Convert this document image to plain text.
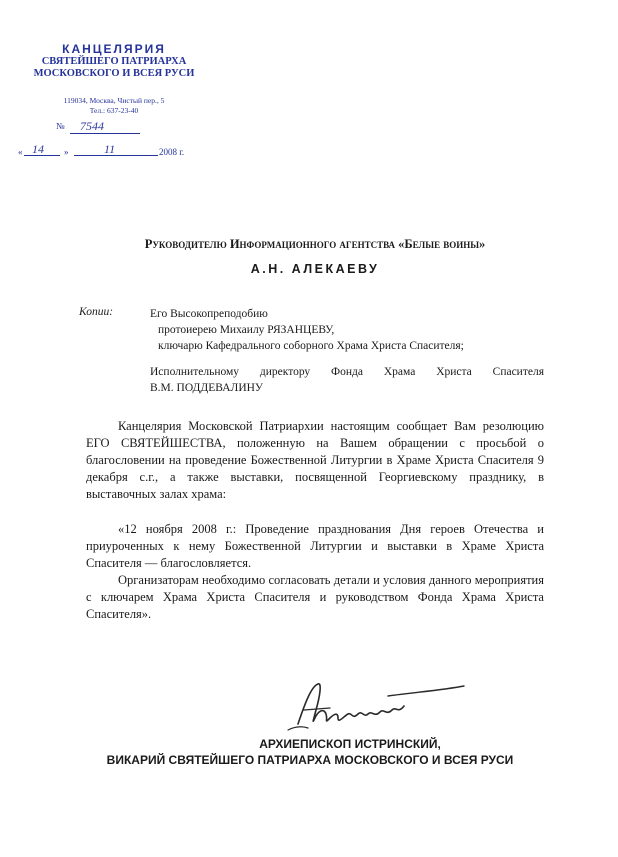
КАНЦЕЛЯРИЯ
СВЯТЕЙШЕГО ПАТРИАРХА
МОСКОВСКОГО И ВСЕЯ РУСИ
119034, Москва, Чистый пер., 5
Тел.: 637-23-40
№ 7544
« 14 »	11	2008 г.
Руководителю Информационного агентства «Белые воины»
А.Н. АЛЕКАЕВУ
Копии:	Его Высокопреподобию
протоиерею Михаилу РЯЗАНЦЕВУ,
ключарю Кафедрального соборного Храма Христа Спасителя;
Исполнительному директору Фонда Храма Христа Спасителя
В.М. ПОДДЕВАЛИНУ

Канцелярия Московской Патриархии настоящим сообщает Вам резолюцию ЕГО СВЯТЕЙШЕСТВА, положенную на Вашем обращении с просьбой о благословении на проведение Божественной Литургии в Храме Христа Спасителя 9 декабря с.г., а также выставки, посвященной Георгиевскому празднику, в выставочных залах храма:

«12 ноября 2008 г.: Проведение празднования Дня героев Отечества и приуроченных к нему Божественной Литургии и выставки в Храме Христа Спасителя — благословляется.

Организаторам необходимо согласовать детали и условия данного мероприятия с ключарем Храма Христа Спасителя и руководством Фонда Храма Христа Спасителя».

АРХИЕПИСКОП ИСТРИНСКИЙ,
ВИКАРИЙ СВЯТЕЙШЕГО ПАТРИАРХА МОСКОВСКОГО И ВСЕЯ РУСИ
